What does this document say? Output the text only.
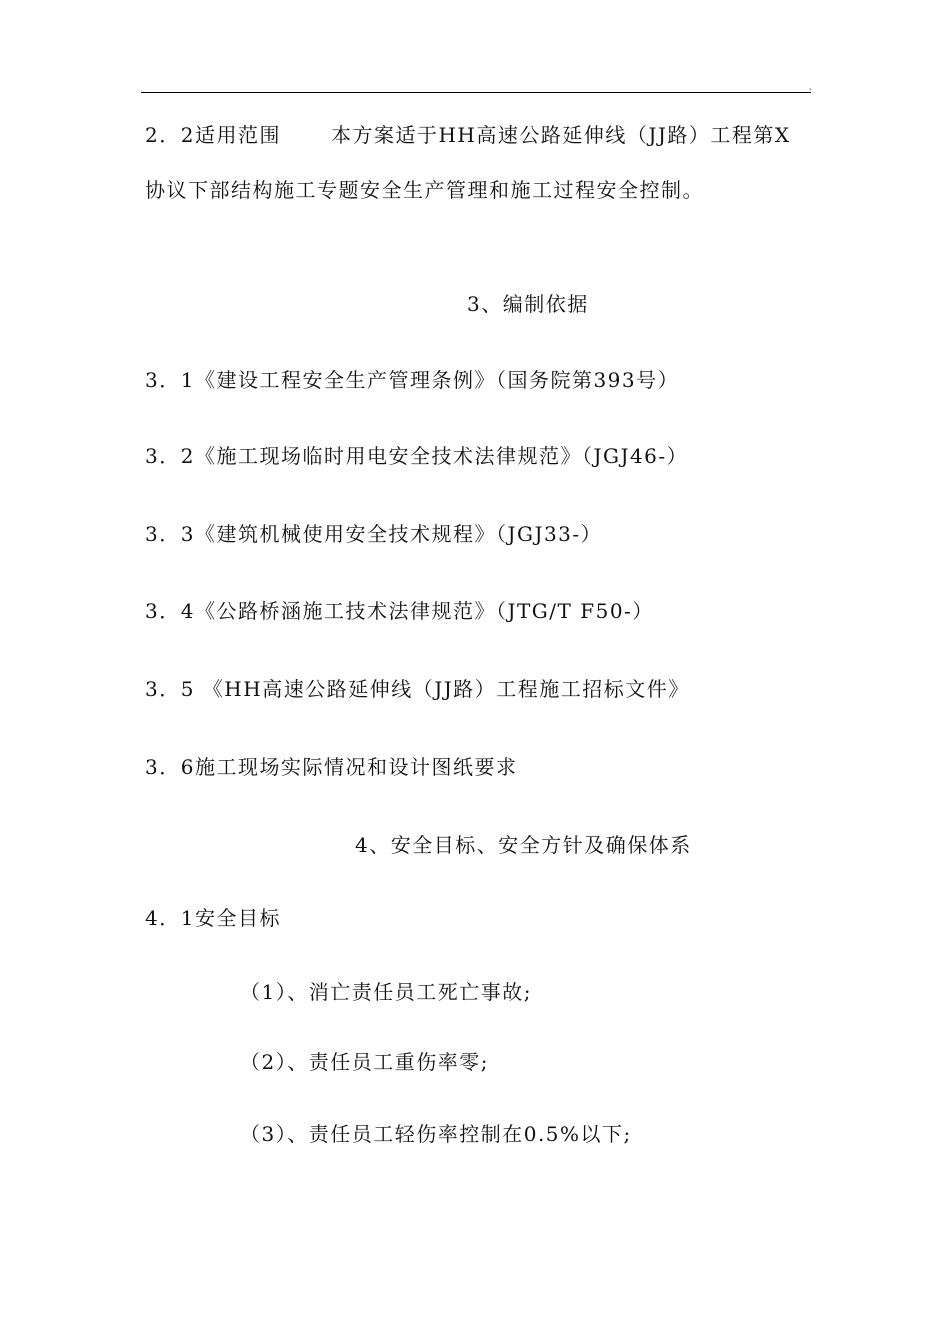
'
2．2适用范围	本方案适于HH高速公路延伸线（JJ路）工程第X
协议下部结构施工专题安全生产管理和施工过程安全控制。
3、编制依据
3．1《建设工程安全生产管理条例》（国务院第393号）
3．2《施工现场临时用电安全技术法律规范》（JGJ46-）
3．3《建筑机械使用安全技术规程》（JGJ33-）
3．4《公路桥涵施工技术法律规范》（JTG/T F50-）
3．5 《HH高速公路延伸线（JJ路）工程施工招标文件》
3．6施工现场实际情况和设计图纸要求
4、安全目标、安全方针及确保体系
4．1安全目标
（1）、消亡责任员工死亡事故;
（2）、责任员工重伤率零;
（3）、责任员工轻伤率控制在0.5%以下;
